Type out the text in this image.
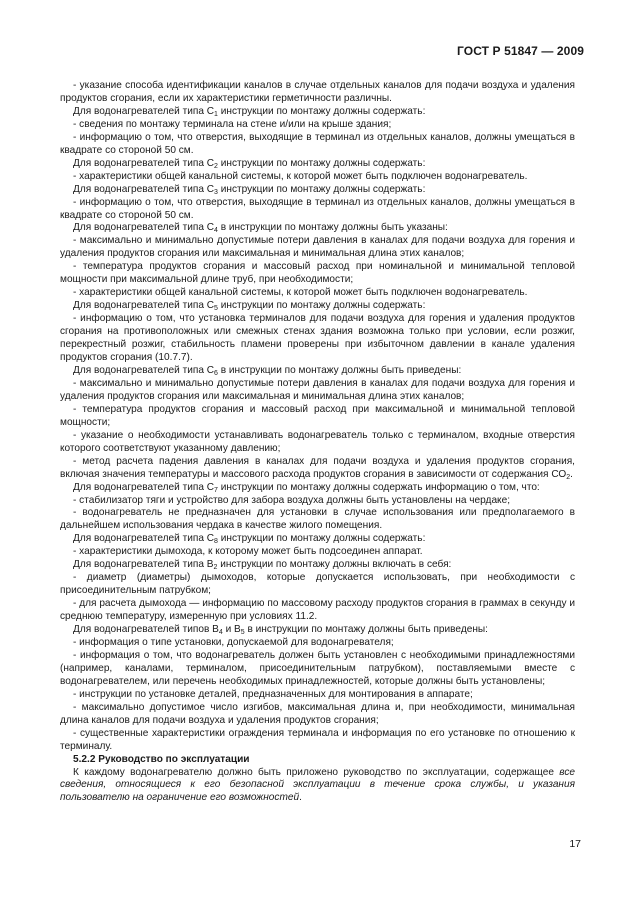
ГОСТ Р 51847 — 2009

- указание способа идентификации каналов в случае отдельных каналов для подачи воздуха и удаления продуктов сгорания, если их характеристики герметичности различны.

Для водонагревателей типа $С_1$ инструкции по монтажу должны содержать:

- сведения по монтажу терминала на стене и/или на крыше здания;

- информацию о том, что отверстия, выходящие в терминал из отдельных каналов, должны умещаться в квадрате со стороной 50 см.

Для водонагревателей типа $С_2$ инструкции по монтажу должны содержать:

- характеристики общей канальной системы, к которой может быть подключен водонагреватель.

Для водонагревателей типа $С_3$ инструкции по монтажу должны содержать:

- информацию о том, что отверстия, выходящие в терминал из отдельных каналов, должны умещаться в квадрате со стороной 50 см.

Для водонагревателей типа $С_4$ в инструкции по монтажу должны быть указаны:

- максимально и минимально допустимые потери давления в каналах для подачи воздуха для горения и удаления продуктов сгорания или максимальная и минимальная длина этих каналов;

- температура продуктов сгорания и массовый расход при номинальной и минимальной тепловой мощности при максимальной длине труб, при необходимости;

- характеристики общей канальной системы, к которой может быть подключен водонагреватель.

Для водонагревателей типа $С_5$ инструкции по монтажу должны содержать:

- информацию о том, что установка терминалов для подачи воздуха для горения и удаления продуктов сгорания на противоположных или смежных стенах здания возможна только при условии, если розжиг, перекрестный розжиг, стабильность пламени проверены при избыточном давлении в канале удаления продуктов сгорания (10.7.7).

Для водонагревателей типа $С_6$ в инструкции по монтажу должны быть приведены:

- максимально и минимально допустимые потери давления в каналах для подачи воздуха для горения и удаления продуктов сгорания или максимальная и минимальная длина этих каналов;

- температура продуктов сгорания и массовый расход при максимальной и минимальной тепловой мощности;

- указание о необходимости устанавливать водонагреватель только с терминалом, входные отверстия которого соответствуют указанному давлению;

- метод расчета падения давления в каналах для подачи воздуха и удаления продуктов сгорания, включая значения температуры и массового расхода продуктов сгорания в зависимости от содержания $СО_2$.

Для водонагревателей типа $С_7$ инструкции по монтажу должны содержать информацию о том, что:

- стабилизатор тяги и устройство для забора воздуха должны быть установлены на чердаке;

- водонагреватель не предназначен для установки в случае использования или предполагаемого в дальнейшем использования чердака в качестве жилого помещения.

Для водонагревателей типа $С_8$ инструкции по монтажу должны содержать:

- характеристики дымохода, к которому может быть подсоединен аппарат.

Для водонагревателей типа $В_2$ инструкции по монтажу должны включать в себя:

- диаметр (диаметры) дымоходов, которые допускается использовать, при необходимости с присоединительным патрубком;

- для расчета дымохода — информацию по массовому расходу продуктов сгорания в граммах в секунду и среднюю температуру, измеренную при условиях 11.2.

Для водонагревателей типов $В_4$ и $В_5$ в инструкции по монтажу должны быть приведены:

- информация о типе установки, допускаемой для водонагревателя;

- информация о том, что водонагреватель должен быть установлен с необходимыми принадлежностями (например, каналами, терминалом, присоединительным патрубком), поставляемыми вместе с водонагревателем, или перечень необходимых принадлежностей, которые должны быть установлены;

- инструкции по установке деталей, предназначенных для монтирования в аппарате;

- максимально допустимое число изгибов, максимальная длина и, при необходимости, минимальная длина каналов для подачи воздуха и удаления продуктов сгорания;

- существенные характеристики ограждения терминала и информация по его установке по отношению к терминалу.

5.2.2 Руководство по эксплуатации

К каждому водонагревателю должно быть приложено руководство по эксплуатации, содержащее все сведения, относящиеся к его безопасной эксплуатации в течение срока службы, и указания пользователю на ограничение его возможностей.

17
